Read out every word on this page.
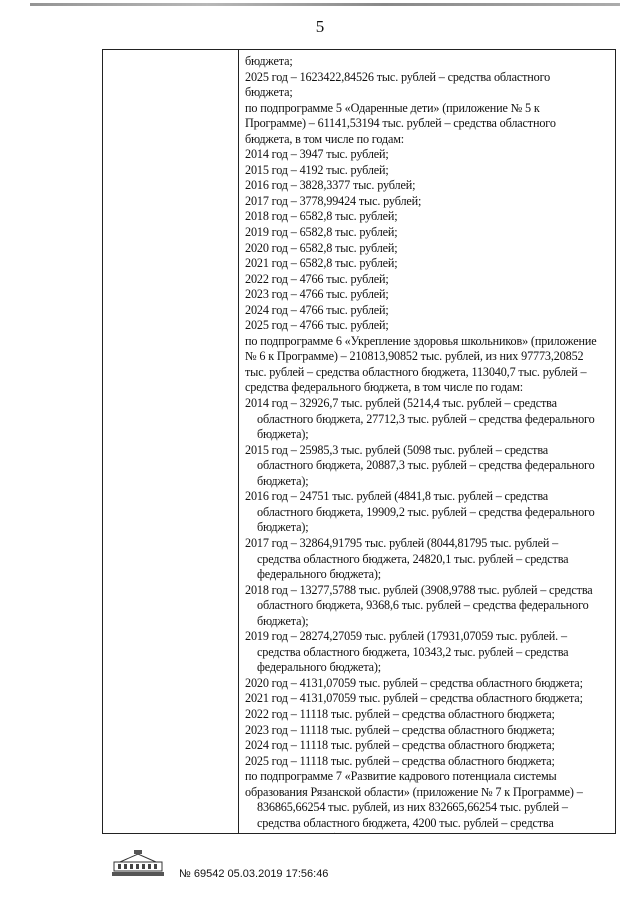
5
бюджета;
2025 год – 1623422,84526 тыс. рублей – средства областного
бюджета;
по подпрограмме 5 «Одаренные дети» (приложение № 5 к
Программе) – 61141,53194 тыс. рублей – средства областного
бюджета, в том числе по годам:
2014 год – 3947 тыс. рублей;
2015 год – 4192 тыс. рублей;
2016 год – 3828,3377 тыс. рублей;
2017 год – 3778,99424 тыс. рублей;
2018 год – 6582,8 тыс. рублей;
2019 год – 6582,8 тыс. рублей;
2020 год – 6582,8 тыс. рублей;
2021 год – 6582,8 тыс. рублей;
2022 год – 4766 тыс. рублей;
2023 год – 4766 тыс. рублей;
2024 год – 4766 тыс. рублей;
2025 год – 4766 тыс. рублей;
по подпрограмме 6 «Укрепление здоровья школьников» (приложение
№ 6 к Программе) – 210813,90852 тыс. рублей, из них 97773,20852
тыс. рублей – средства областного бюджета, 113040,7 тыс. рублей –
средства федерального бюджета, в том числе по годам:
2014 год – 32926,7 тыс. рублей (5214,4 тыс. рублей – средства
областного бюджета, 27712,3 тыс. рублей – средства федерального
бюджета);
2015 год – 25985,3 тыс. рублей (5098 тыс. рублей – средства
областного бюджета, 20887,3 тыс. рублей – средства федерального
бюджета);
2016 год – 24751 тыс. рублей (4841,8 тыс. рублей – средства
областного бюджета, 19909,2 тыс. рублей – средства федерального
бюджета);
2017 год – 32864,91795 тыс. рублей (8044,81795 тыс. рублей –
средства областного бюджета, 24820,1 тыс. рублей – средства
федерального бюджета);
2018 год – 13277,5788 тыс. рублей (3908,9788 тыс. рублей – средства
областного бюджета, 9368,6 тыс. рублей – средства федерального
бюджета);
2019 год – 28274,27059 тыс. рублей (17931,07059 тыс. рублей. –
средства областного бюджета, 10343,2 тыс. рублей – средства
федерального бюджета);
2020 год – 4131,07059 тыс. рублей – средства областного бюджета;
2021 год – 4131,07059 тыс. рублей – средства областного бюджета;
2022 год – 11118 тыс. рублей – средства областного бюджета;
2023 год – 11118 тыс. рублей – средства областного бюджета;
2024 год – 11118 тыс. рублей – средства областного бюджета;
2025 год – 11118 тыс. рублей – средства областного бюджета;
по подпрограмме 7 «Развитие кадрового потенциала системы
образования Рязанской области» (приложение № 7 к Программе) –
836865,66254 тыс. рублей, из них 832665,66254 тыс. рублей –
средства областного бюджета, 4200 тыс. рублей – средства
№ 69542 05.03.2019 17:56:46
